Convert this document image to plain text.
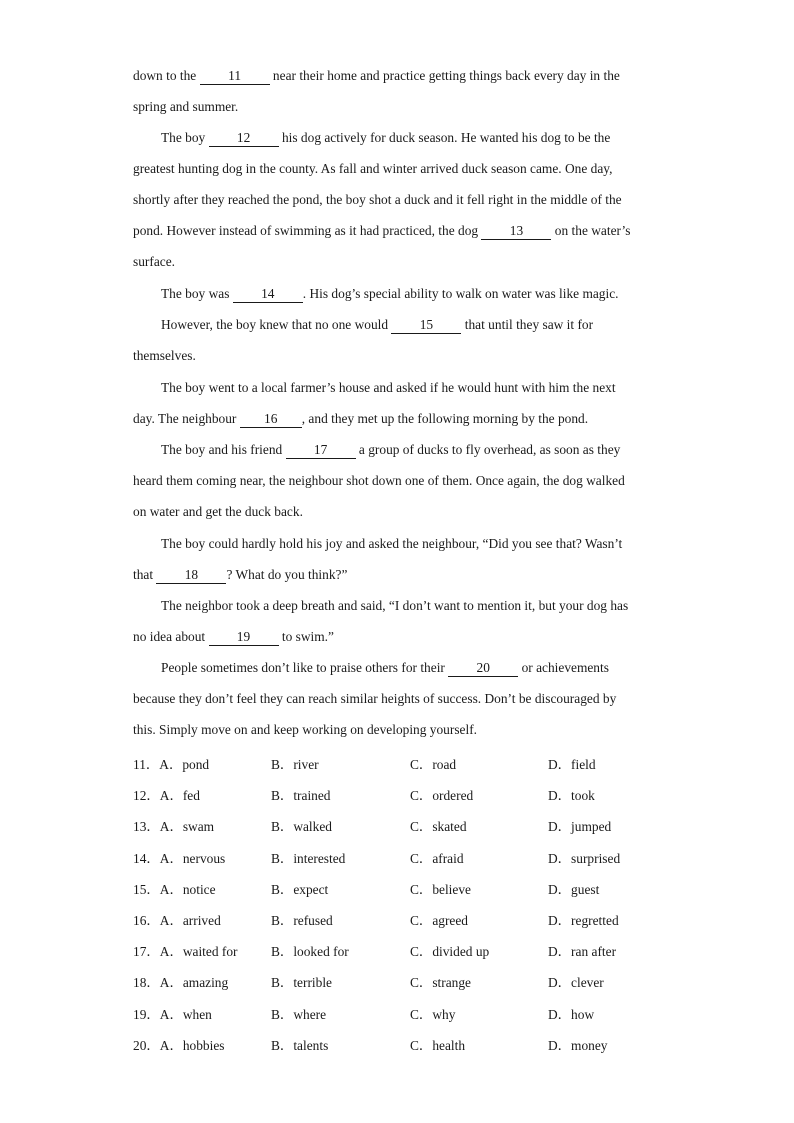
down to the 11 near their home and practice getting things back every day in the
spring and summer.
The boy 12 his dog actively for duck season. He wanted his dog to be the
greatest hunting dog in the county. As fall and winter arrived duck season came. One day,
shortly after they reached the pond, the boy shot a duck and it fell right in the middle of the
pond. However instead of swimming as it had practiced, the dog 13 on the water’s
surface.
The boy was 14 . His dog’s special ability to walk on water was like magic.
However, the boy knew that no one would 15 that until they saw it for
themselves.
The boy went to a local farmer’s house and asked if he would hunt with him the next
day. The neighbour 16 , and they met up the following morning by the pond.
The boy and his friend 17 a group of ducks to fly overhead, as soon as they
heard them coming near, the neighbour shot down one of them. Once again, the dog walked
on water and get the duck back.
The boy could hardly hold his joy and asked the neighbour, “Did you see that? Wasn’t
that 18 ? What do you think?”
The neighbor took a deep breath and said, “I don’t want to mention it, but your dog has
no idea about 19 to swim.”
People sometimes don’t like to praise others for their 20 or achievements
because they don’t feel they can reach similar heights of success. Don’t be discouraged by
this. Simply move on and keep working on developing yourself.
11．A．pond	B．river	C．road	D．field
12．A．fed	B．trained	C．ordered	D．took
13．A．swam	B．walked	C．skated	D．jumped
14．A．nervous	B．interested	C．afraid	D．surprised
15．A．notice	B．expect	C．believe	D．guest
16．A．arrived	B．refused	C．agreed	D．regretted
17．A．waited for	B．looked for	C．divided up	D．ran after
18．A．amazing	B．terrible	C．strange	D．clever
19．A．when	B．where	C．why	D．how
20．A．hobbies	B．talents	C．health	D．money
